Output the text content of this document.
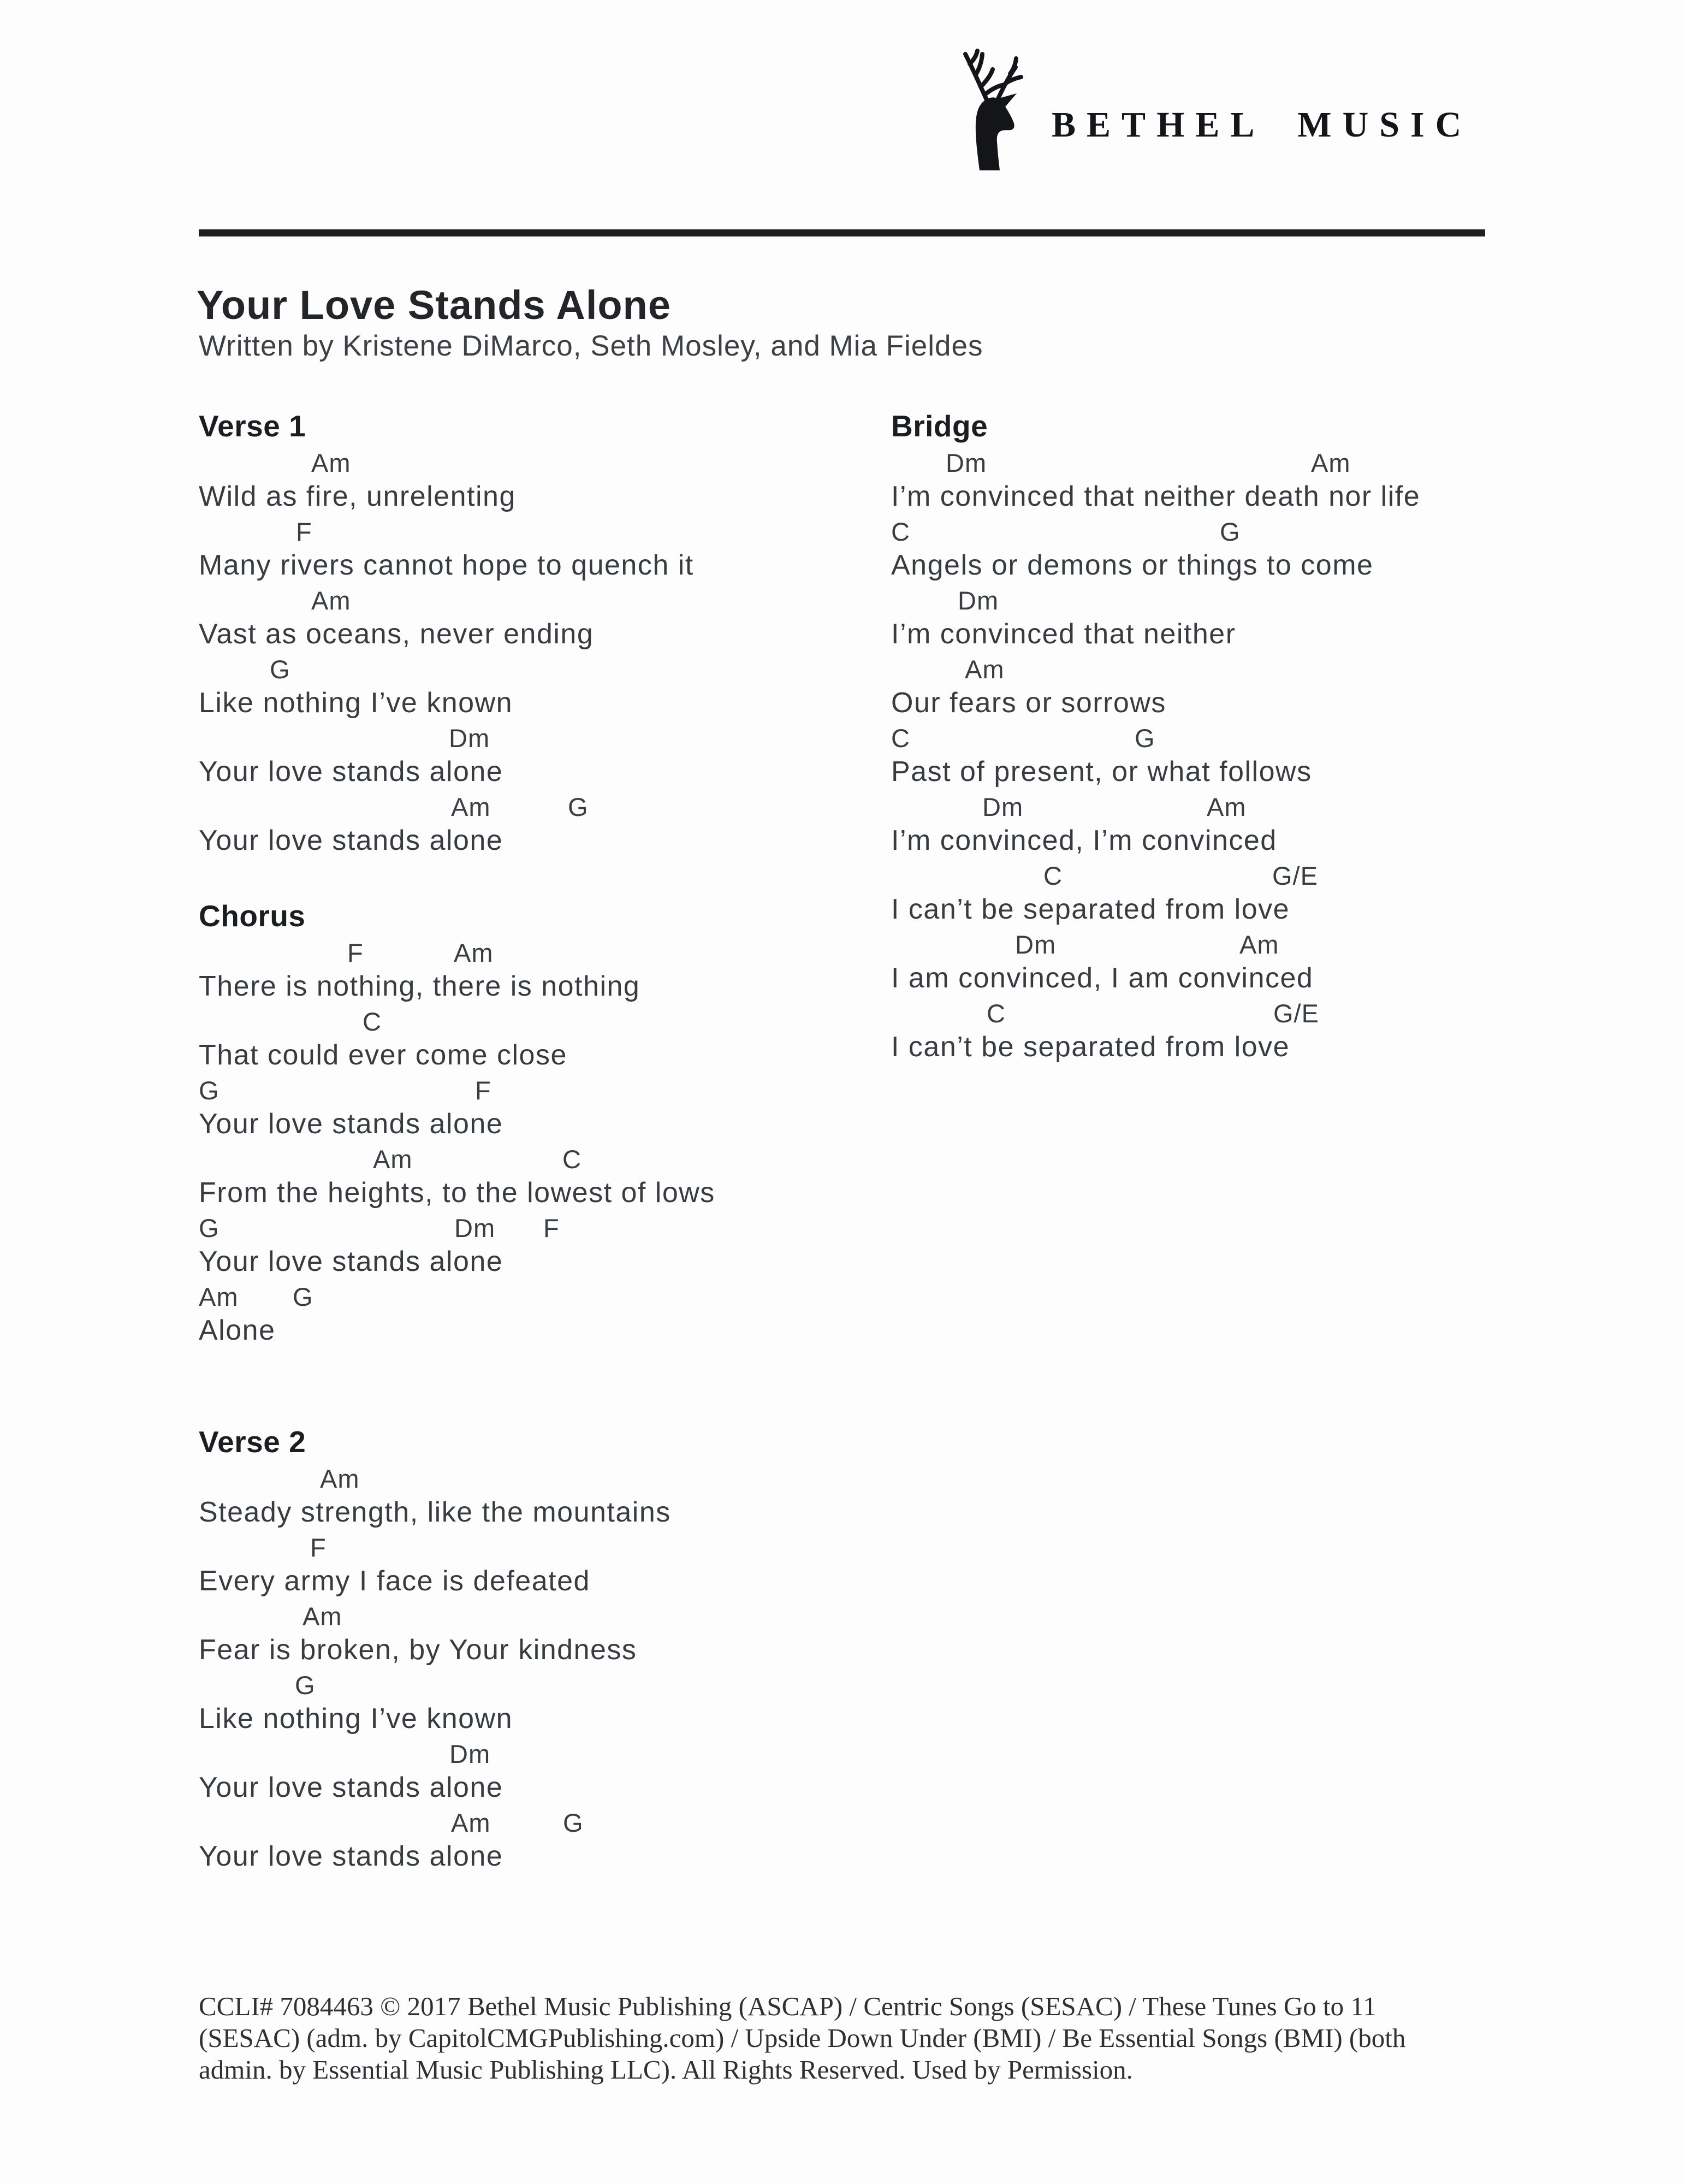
BETHEL MUSIC
Your Love Stands Alone
Written by Kristene DiMarco, Seth Mosley, and Mia Fieldes
Verse 1
Am
Wild as fire, unrelenting
F
Many rivers cannot hope to quench it
Am
Vast as oceans, never ending
G
Like nothing I’ve known
Dm
Your love stands alone
Am	G
Your love stands alone
Chorus
F	Am
There is nothing, there is nothing
C
That could ever come close
G	F
Your love stands alone
Am	C
From the heights, to the lowest of lows
G	Dm F
Your love stands alone
Am G
Alone
Verse 2
Am
Steady strength, like the mountains
F
Every army I face is defeated
Am
Fear is broken, by Your kindness
G
Like nothing I’ve known
Dm
Your love stands alone
Am	G
Your love stands alone
Bridge
Dm	Am
I’m convinced that neither death nor life
C	G
Angels or demons or things to come
Dm
I’m convinced that neither
Am
Our fears or sorrows
C	G
Past of present, or what follows
Dm	Am
I’m convinced, I’m convinced
C	G/E
I can’t be separated from love
Dm	Am
I am convinced, I am convinced
C	G/E
I can’t be separated from love
CCLI# 7084463 © 2017 Bethel Music Publishing (ASCAP) / Centric Songs (SESAC) / These Tunes Go to 11
(SESAC) (adm. by CapitolCMGPublishing.com) / Upside Down Under (BMI) / Be Essential Songs (BMI) (both
admin. by Essential Music Publishing LLC). All Rights Reserved. Used by Permission.
